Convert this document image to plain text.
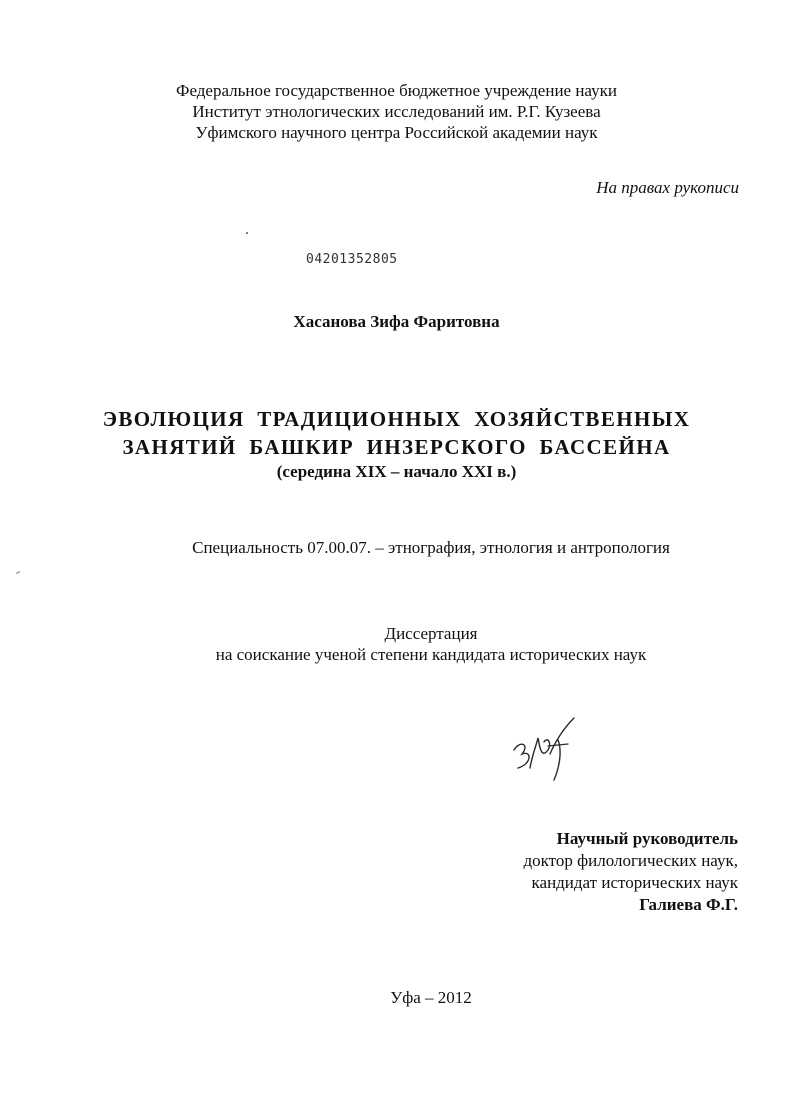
Федеральное государственное бюджетное учреждение науки

Институт этнологических исследований им. Р.Г. Кузеева

Уфимского научного центра Российской академии наук

На правах рукописи
04201352805
Хасанова Зифа Фаритовна

ЭВОЛЮЦИЯ ТРАДИЦИОННЫХ ХОЗЯЙСТВЕННЫХ

ЗАНЯТИЙ БАШКИР ИНЗЕРСКОГО БАССЕЙНА

(середина XIX – начало XXI в.)

Специальность 07.00.07. – этнография, этнология и антропология

Диссертация

на соискание ученой степени кандидата исторических наук

Научный руководитель

доктор филологических наук,

кандидат исторических наук

Галиева Ф.Г.

Уфа – 2012
